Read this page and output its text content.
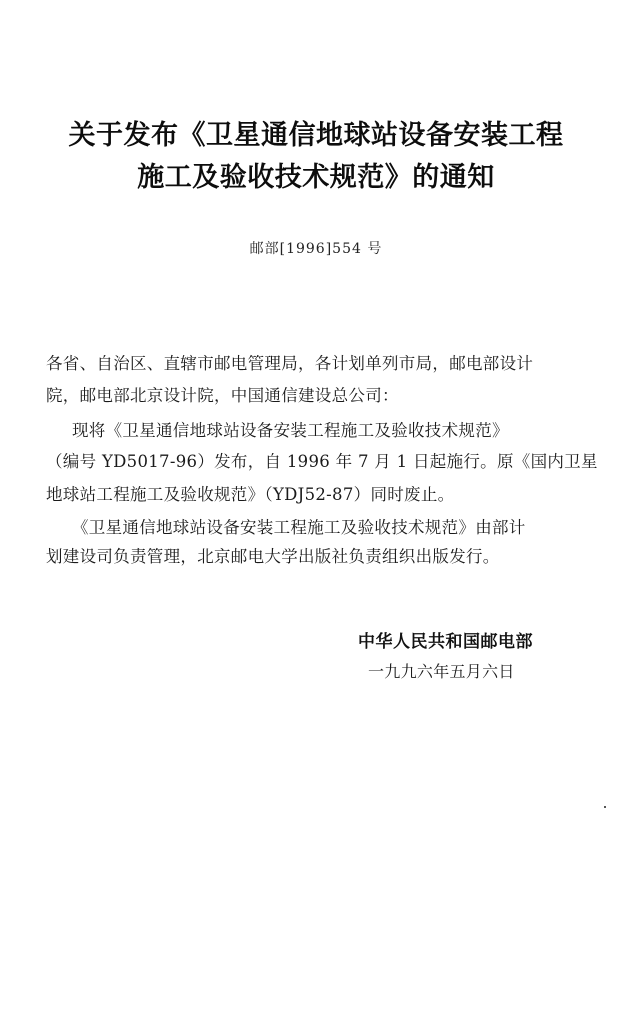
关于发布《卫星通信地球站设备安装工程
施工及验收技术规范》的通知
邮部[1996]554 号
各省、自治区、直辖市邮电管理局，各计划单列市局，邮电部设计
院，邮电部北京设计院，中国通信建设总公司：
现将《卫星通信地球站设备安装工程施工及验收技术规范》
（编号 YD5017-96）发布，自 1996 年 7 月 1 日起施行。原《国内卫星
地球站工程施工及验收规范》（YDJ52-87）同时废止。
《卫星通信地球站设备安装工程施工及验收技术规范》由部计
划建设司负责管理，北京邮电大学出版社负责组织出版发行。
中华人民共和国邮电部
一九九六年五月六日
